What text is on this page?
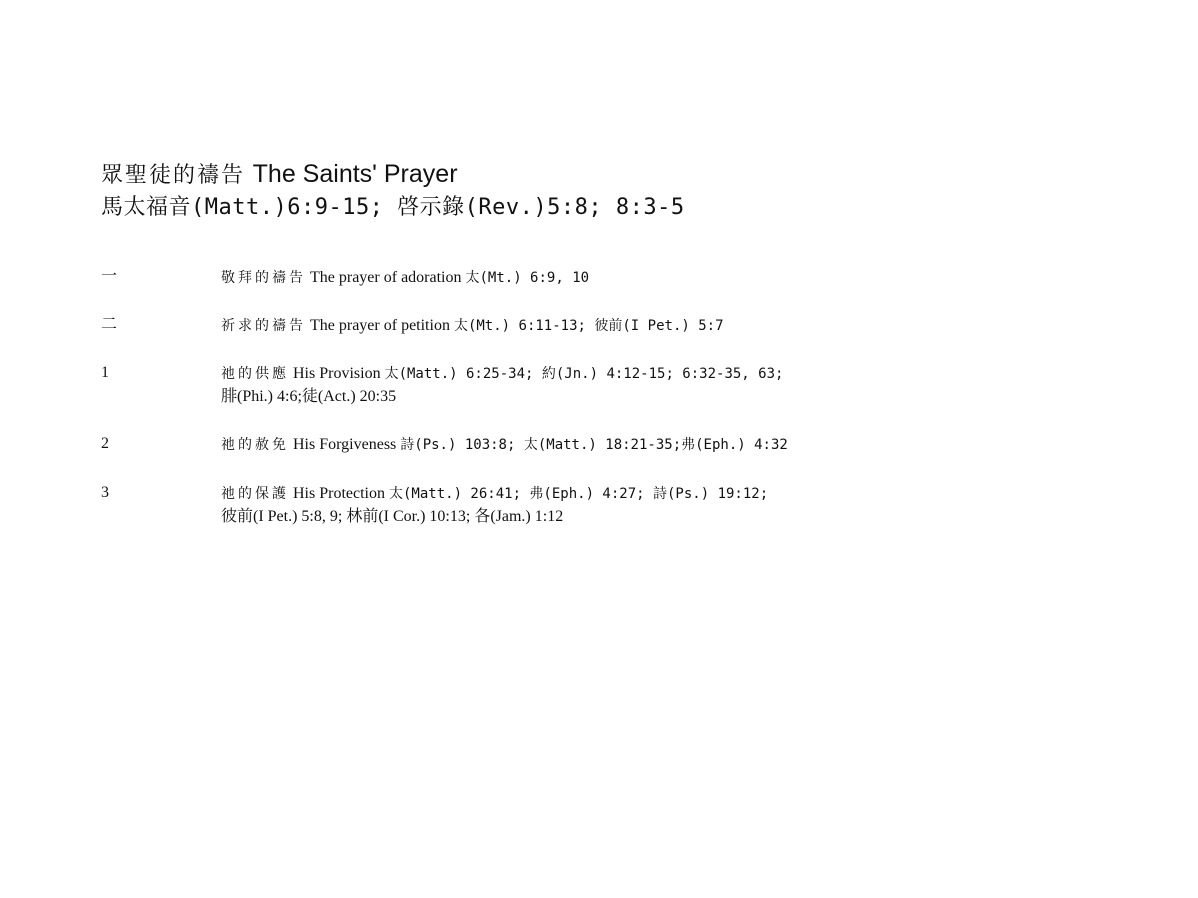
眾聖徒的禱告 The Saints' Prayer

馬太福音(Matt.)6:9-15; 啓示錄(Rev.)5:8; 8:3-5

一	敬拜的禱告 The prayer of adoration 太(Mt.) 6:9, 10
二	祈求的禱告 The prayer of petition 太(Mt.) 6:11-13; 彼前(I Pet.) 5:7
1	祂的供應 His Provision 太(Matt.) 6:25-34; 約(Jn.) 4:12-15; 6:32-35, 63;
腓(Phi.) 4:6;徒(Act.) 20:35
2	祂的赦免 His Forgiveness 詩(Ps.) 103:8; 太(Matt.) 18:21-35;弗(Eph.) 4:32
3	祂的保護 His Protection 太(Matt.) 26:41; 弗(Eph.) 4:27; 詩(Ps.) 19:12;
彼前(I Pet.) 5:8, 9; 林前(I Cor.) 10:13; 各(Jam.) 1:12
